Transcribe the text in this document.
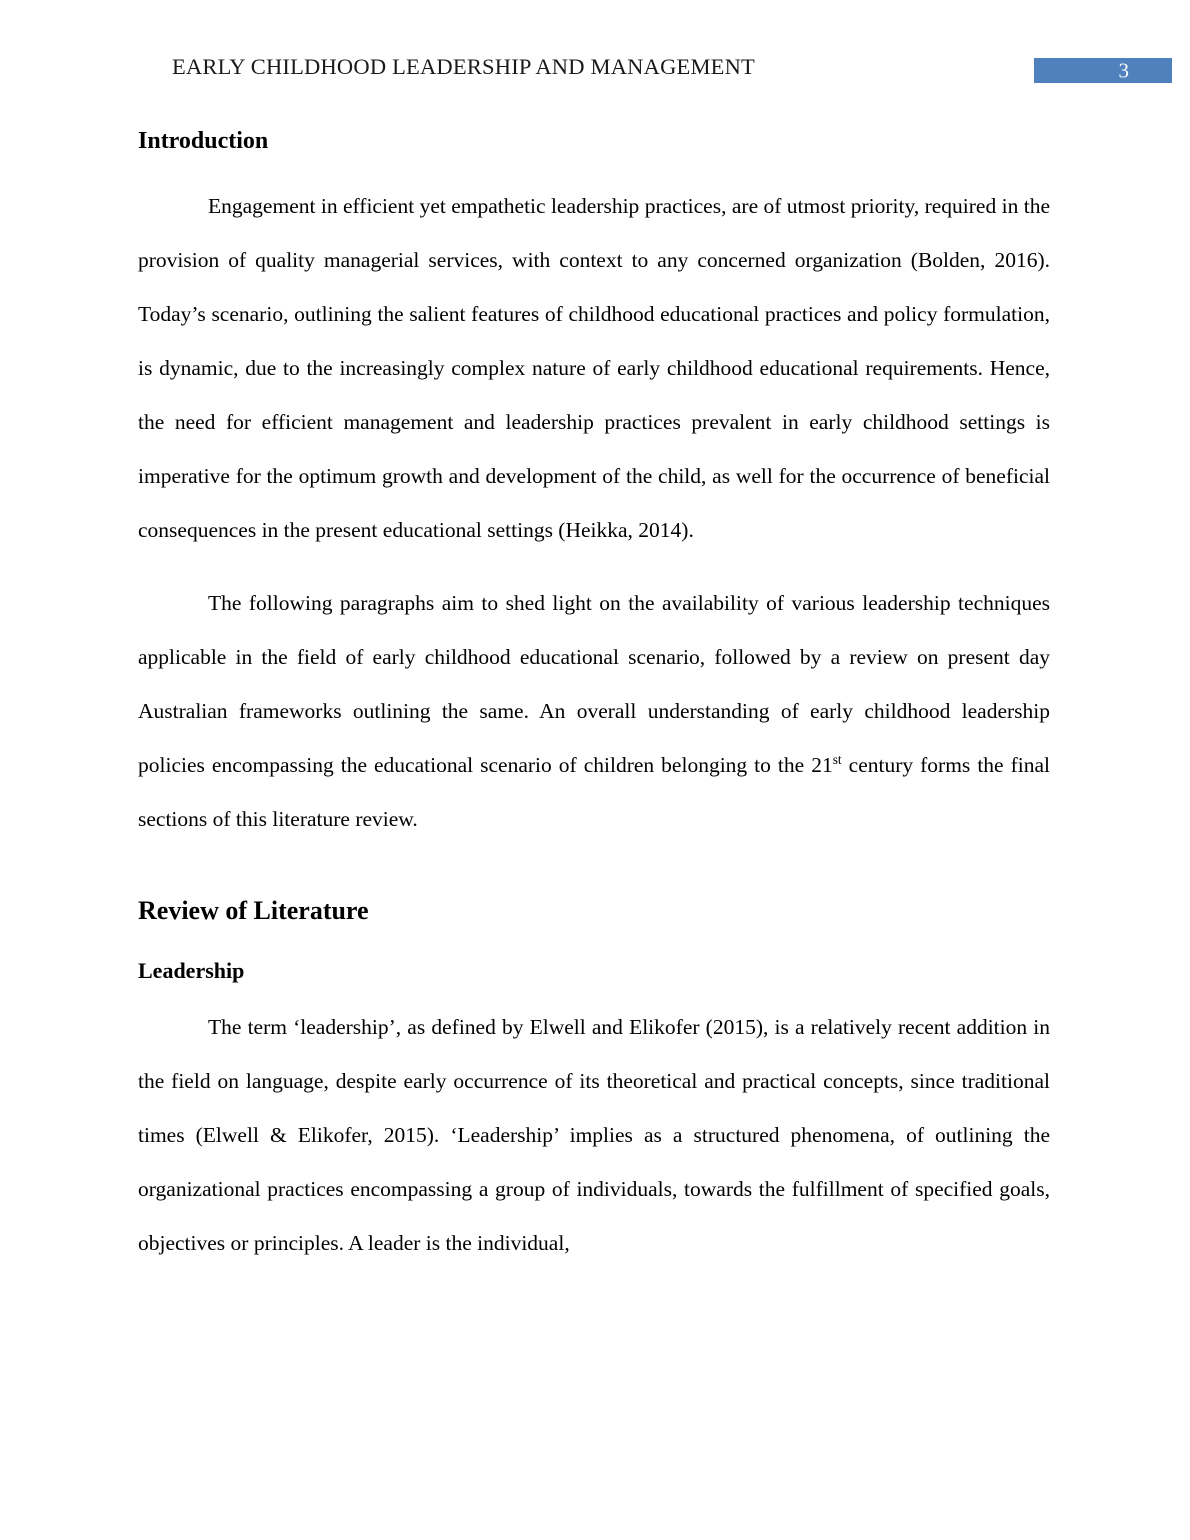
EARLY CHILDHOOD LEADERSHIP AND MANAGEMENT	3
Introduction

Engagement in efficient yet empathetic leadership practices, are of utmost priority, required in the provision of quality managerial services, with context to any concerned organization (Bolden, 2016). Today’s scenario, outlining the salient features of childhood educational practices and policy formulation, is dynamic, due to the increasingly complex nature of early childhood educational requirements. Hence, the need for efficient management and leadership practices prevalent in early childhood settings is imperative for the optimum growth and development of the child, as well for the occurrence of beneficial consequences in the present educational settings (Heikka, 2014).

The following paragraphs aim to shed light on the availability of various leadership techniques applicable in the field of early childhood educational scenario, followed by a review on present day Australian frameworks outlining the same. An overall understanding of early childhood leadership policies encompassing the educational scenario of children belonging to the 21st century forms the final sections of this literature review.

Review of Literature
Leadership

The term ‘leadership’, as defined by Elwell and Elikofer (2015), is a relatively recent addition in the field on language, despite early occurrence of its theoretical and practical concepts, since traditional times (Elwell & Elikofer, 2015). ‘Leadership’ implies as a structured phenomena, of outlining the organizational practices encompassing a group of individuals, towards the fulfillment of specified goals, objectives or principles. A leader is the individual,
